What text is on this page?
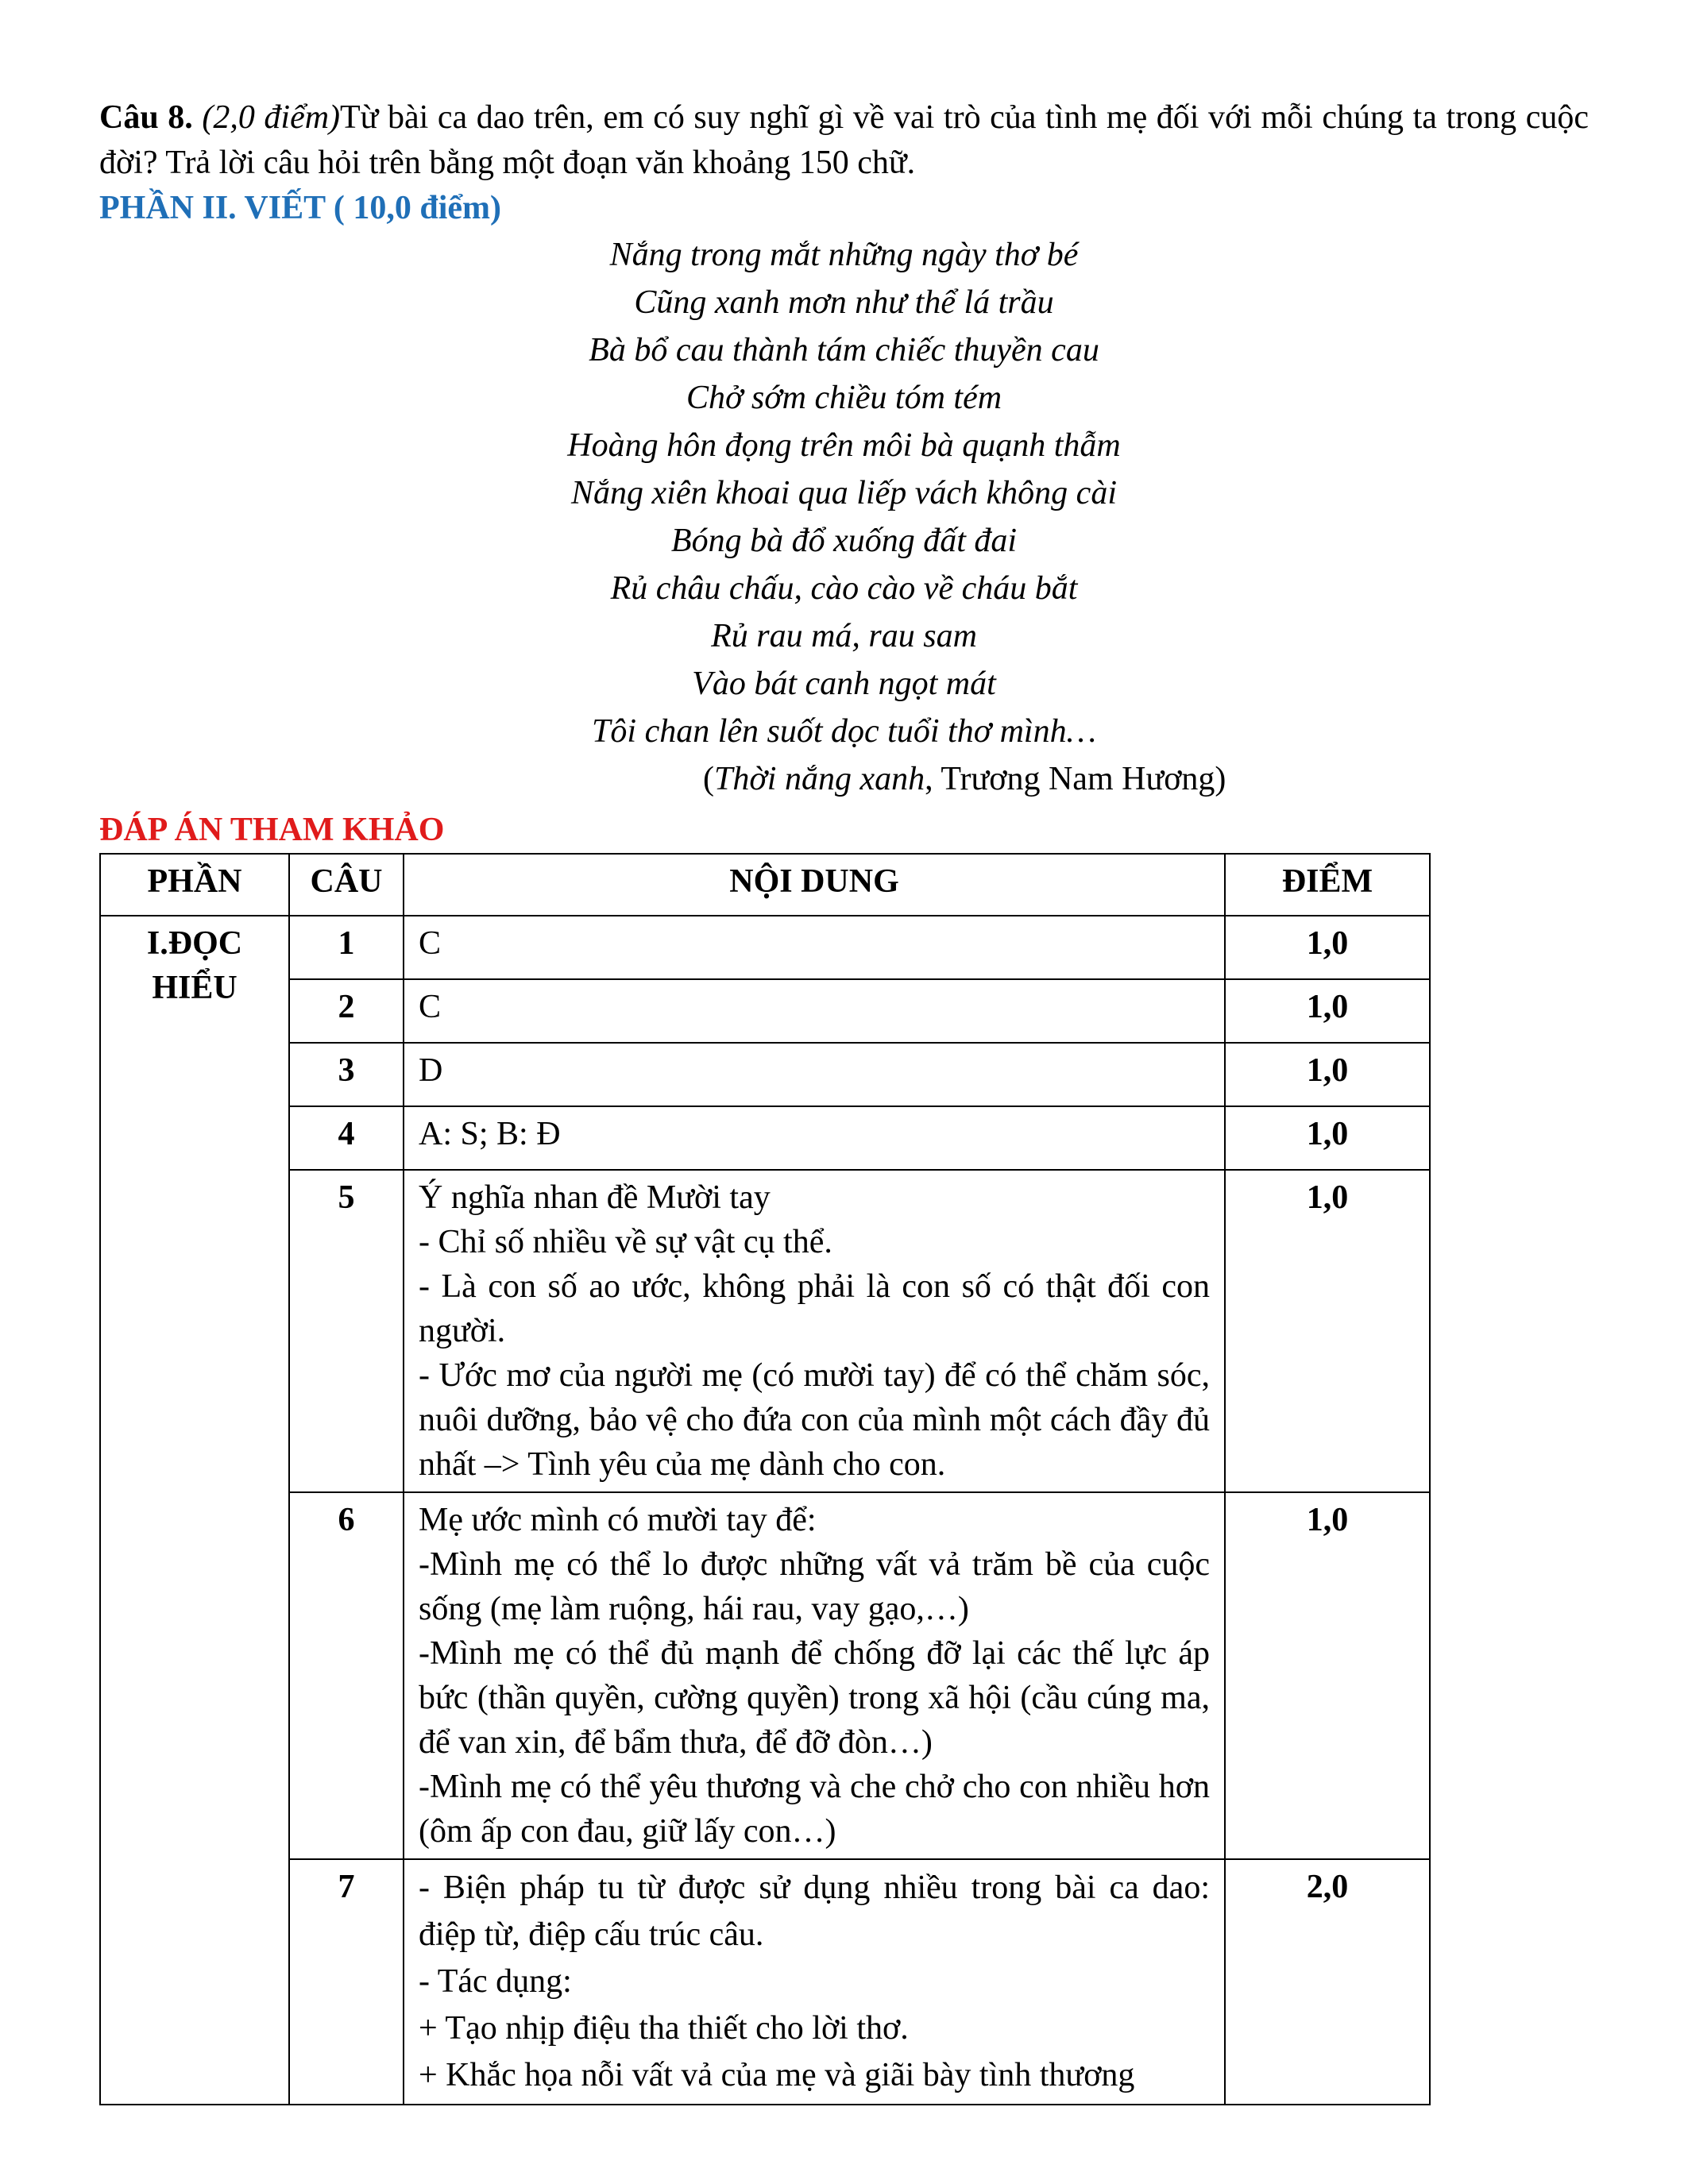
Câu 8. (2,0 điểm)Từ bài ca dao trên, em có suy nghĩ gì về vai trò của tình mẹ đối với mỗi chúng ta trong cuộc đời? Trả lời câu hỏi trên bằng một đoạn văn khoảng 150 chữ.

PHẦN II. VIẾT ( 10,0 điểm)

Nắng trong mắt những ngày thơ bé
Cũng xanh mơn như thể lá trầu
Bà bổ cau thành tám chiếc thuyền cau
Chở sớm chiều tóm tém
Hoàng hôn đọng trên môi bà quạnh thẫm
Nắng xiên khoai qua liếp vách không cài
Bóng bà đổ xuống đất đai
Rủ châu chấu, cào cào về cháu bắt
Rủ rau má, rau sam
Vào bát canh ngọt mát
Tôi chan lên suốt dọc tuổi thơ mình…

(Thời nắng xanh, Trương Nam Hương)

ĐÁP ÁN THAM KHẢO

PHẦN	CÂU	NỘI DUNG	ĐIỂM
I.ĐỌC HIỂU	1	C	1,0
	2	C	1,0
	3	D	1,0
	4	A: S; B: Đ	1,0
	5	Ý nghĩa nhan đề Mười tay
- Chỉ số nhiều về sự vật cụ thể.
- Là con số ao ước, không phải là con số có thật đối con người.
- Ước mơ của người mẹ (có mười tay) để có thể chăm sóc, nuôi dưỡng, bảo vệ cho đứa con của mình một cách đầy đủ nhất –> Tình yêu của mẹ dành cho con.	1,0
	6	Mẹ ước mình có mười tay để:
-Mình mẹ có thể lo được những vất vả trăm bề của cuộc sống (mẹ làm ruộng, hái rau, vay gạo,…)
-Mình mẹ có thể đủ mạnh để chống đỡ lại các thế lực áp bức (thần quyền, cường quyền) trong xã hội (cầu cúng ma, để van xin, để bẩm thưa, để đỡ đòn…)
-Mình mẹ có thể yêu thương và che chở cho con nhiều hơn (ôm ấp con đau, giữ lấy con…)	1,0
	7	- Biện pháp tu từ được sử dụng nhiều trong bài ca dao: điệp từ, điệp cấu trúc câu.
- Tác dụng:
+ Tạo nhịp điệu tha thiết cho lời thơ.
+ Khắc họa nỗi vất vả của mẹ và giãi bày tình thương	2,0
